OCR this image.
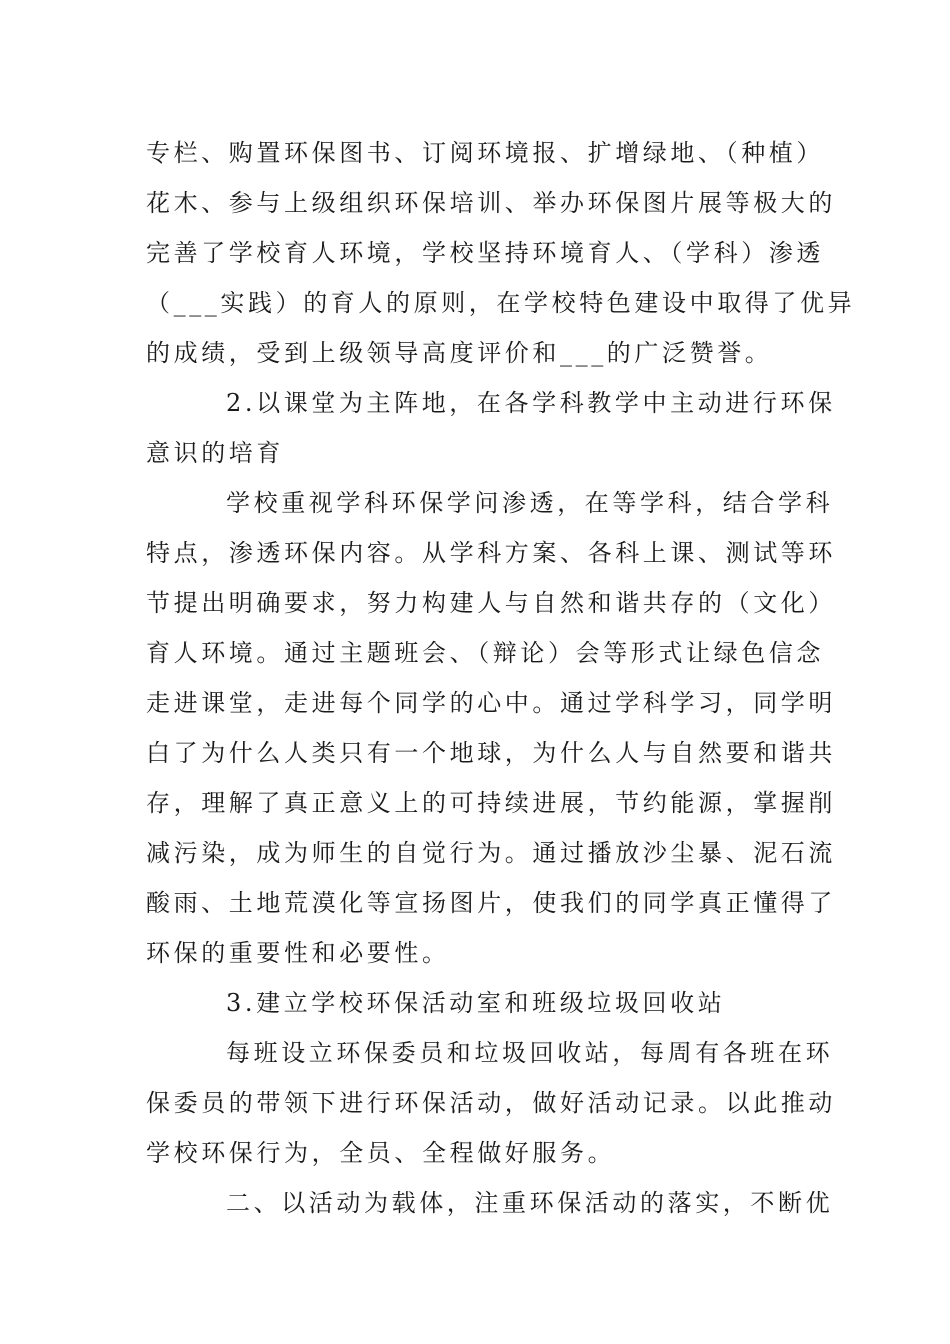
专栏、购置环保图书、订阅环境报、扩增绿地、（种植）
花木、参与上级组织环保培训、举办环保图片展等极大的
完善了学校育人环境，学校坚持环境育人、（学科）渗透
（___实践）的育人的原则，在学校特色建设中取得了优异
的成绩，受到上级领导高度评价和___的广泛赞誉。
2.以课堂为主阵地，在各学科教学中主动进行环保
意识的培育
学校重视学科环保学问渗透，在等学科，结合学科
特点，渗透环保内容。从学科方案、各科上课、测试等环
节提出明确要求，努力构建人与自然和谐共存的（文化）
育人环境。通过主题班会、（辩论）会等形式让绿色信念
走进课堂，走进每个同学的心中。通过学科学习，同学明
白了为什么人类只有一个地球，为什么人与自然要和谐共
存，理解了真正意义上的可持续进展，节约能源，掌握削
减污染，成为师生的自觉行为。通过播放沙尘暴、泥石流
酸雨、土地荒漠化等宣扬图片，使我们的同学真正懂得了
环保的重要性和必要性。
3.建立学校环保活动室和班级垃圾回收站
每班设立环保委员和垃圾回收站，每周有各班在环
保委员的带领下进行环保活动，做好活动记录。以此推动
学校环保行为，全员、全程做好服务。
二、以活动为载体，注重环保活动的落实，不断优
